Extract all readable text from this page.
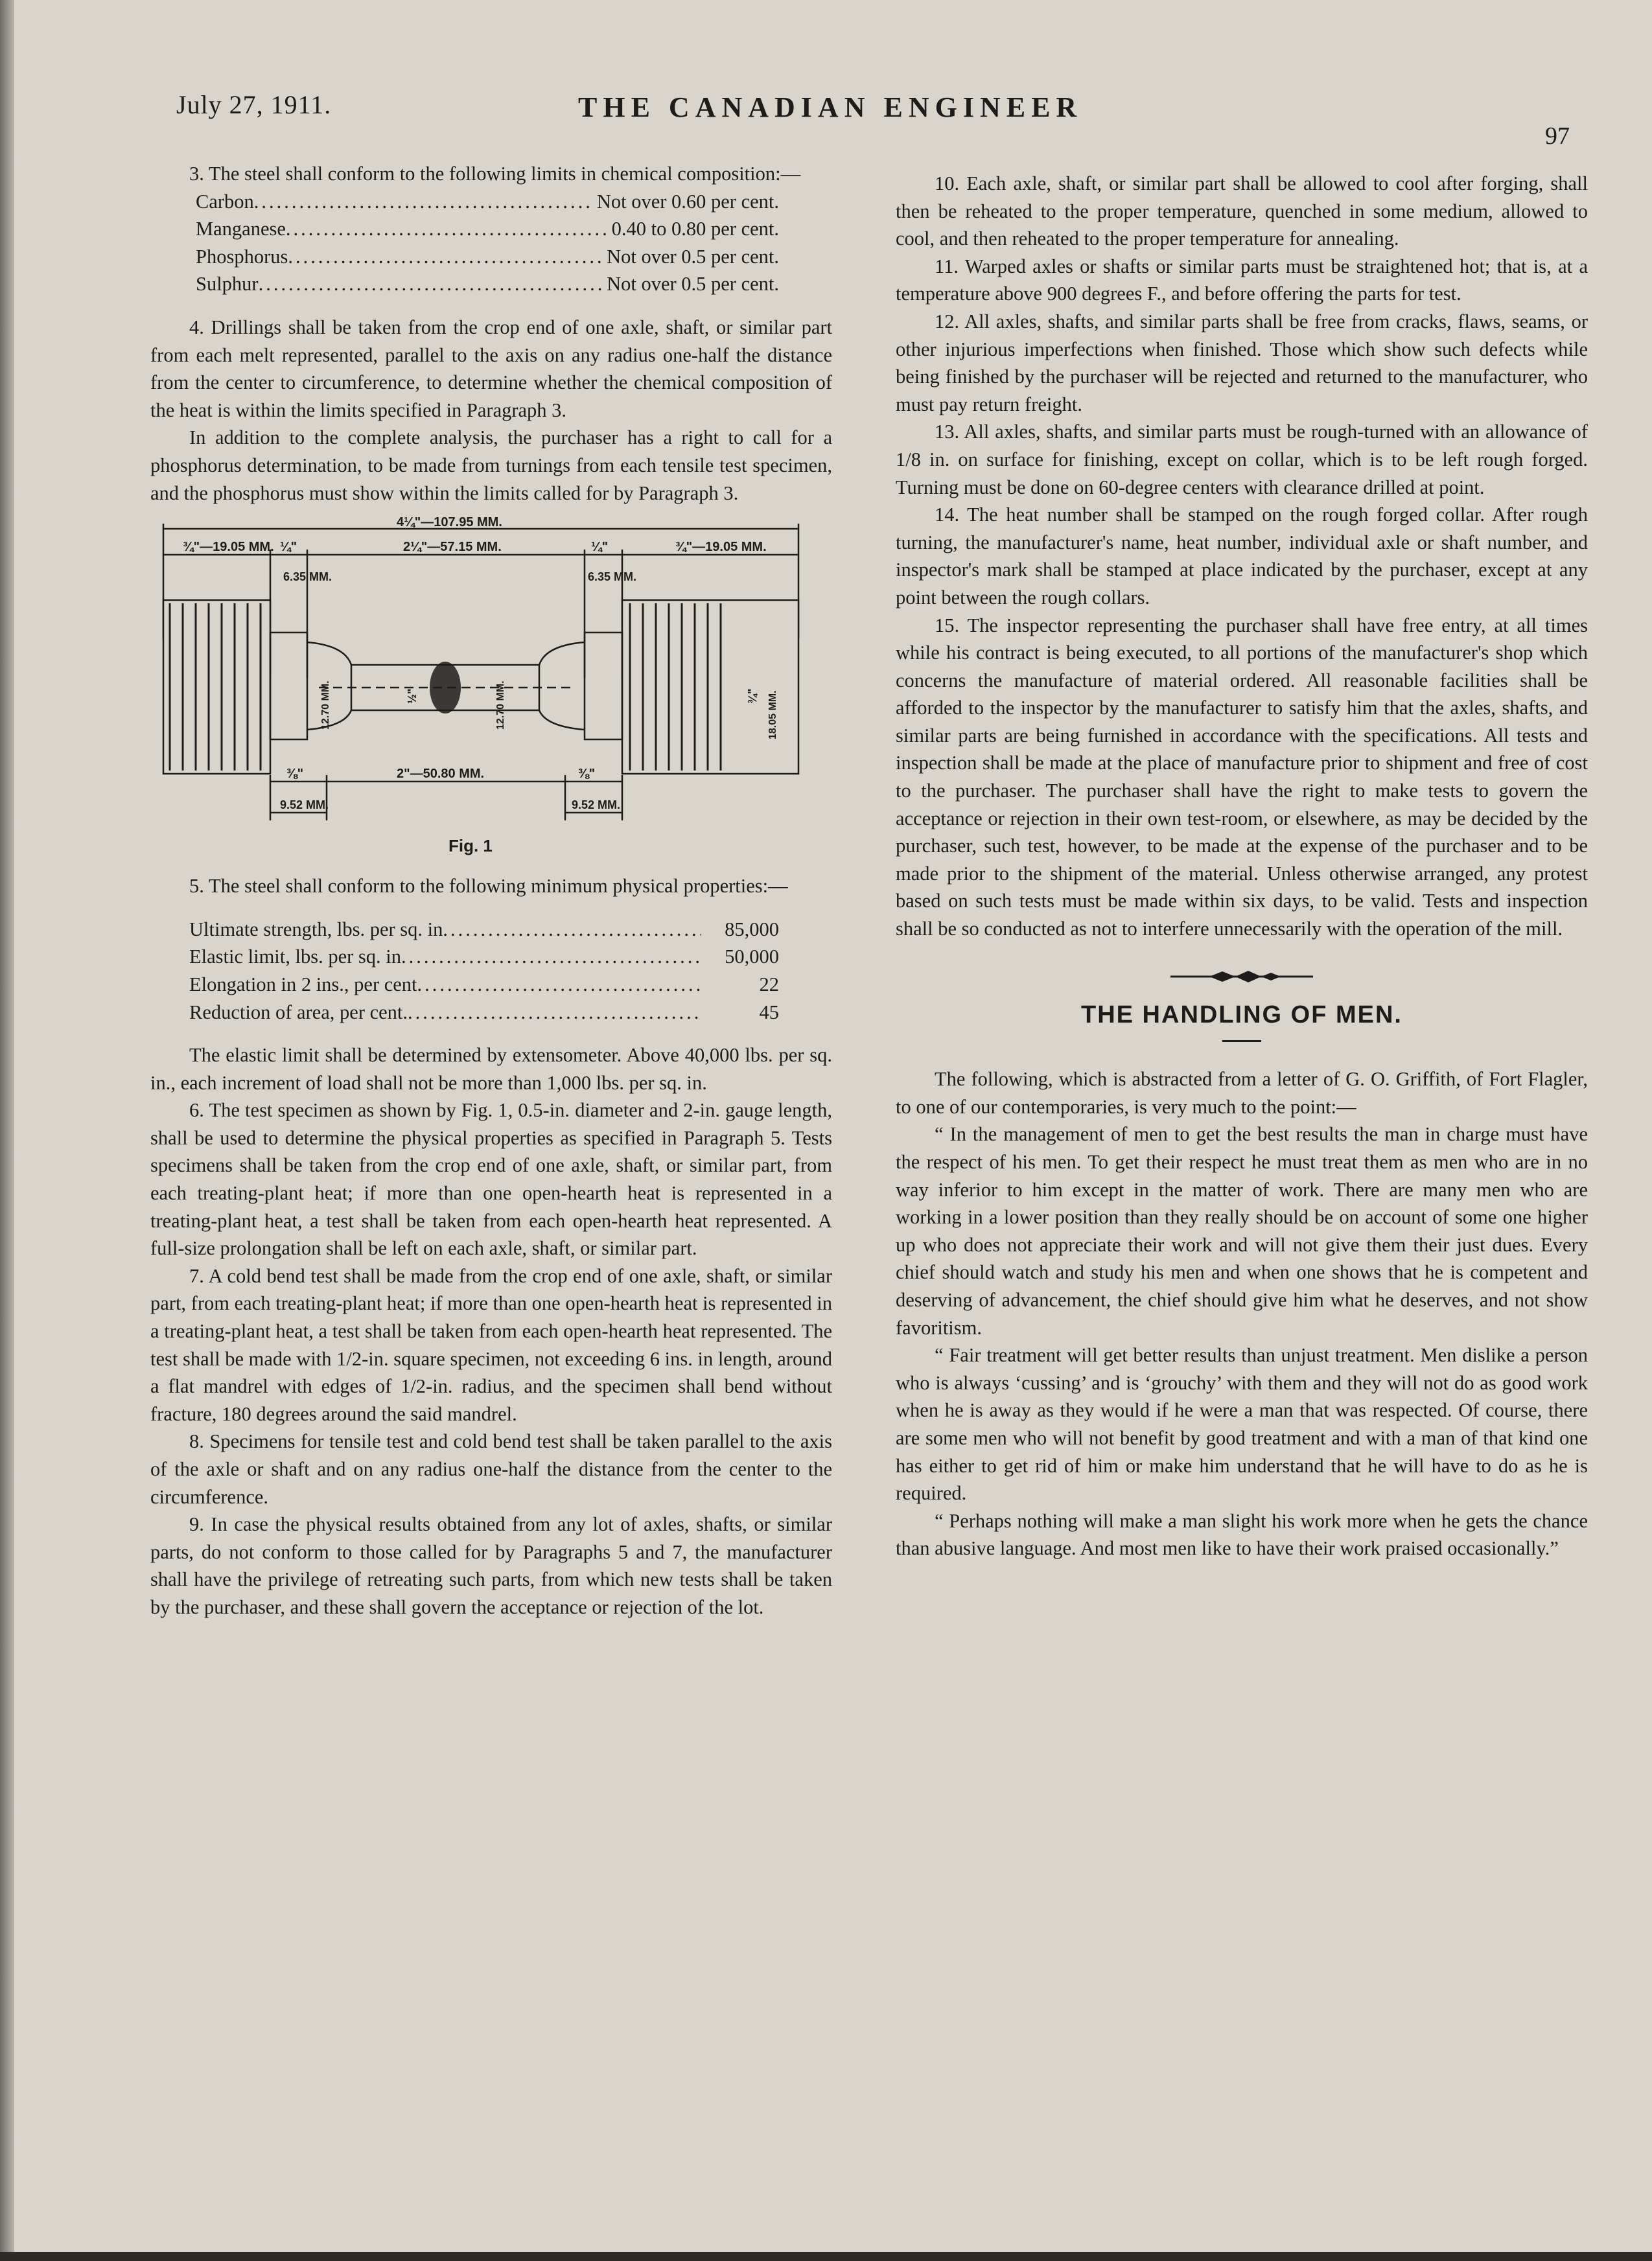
July 27, 1911.	THE CANADIAN ENGINEER
97

3. The steel shall conform to the following limits in chemical composition:—

Carbon .....	Not over 0.60 per cent.
Manganese .....	0.40 to 0.80 per cent.
Phosphorus .....	Not over 0.5 per cent.
Sulphur .....	Not over 0.5 per cent.

4. Drillings shall be taken from the crop end of one axle, shaft, or similar part from each melt represented, parallel to the axis on any radius one-half the distance from the center to circumference, to determine whether the chemical composition of the heat is within the limits specified in Paragraph 3.

In addition to the complete analysis, the purchaser has a right to call for a phosphorus determination, to be made from turnings from each tensile test specimen, and the phosphorus must show within the limits called for by Paragraph 3.

4¼"—107.95 MM.
¾"—19.05 MM. ¼"	2¼"—57.15 MM.	¼"	¾"—19.05 MM.
6.35 MM.	6.35 MM.
12.70 MM.	12.70 MM.
½"	18.05 MM.
¾"
⅜"	2"—50.80 MM.	⅜"
9.52 MM.	9.52 MM.
Fig. 1

5. The steel shall conform to the following minimum physical properties:—

Ultimate strength, lbs. per sq. in .....	85,000
Elastic limit, lbs. per sq. in .....	50,000
Elongation in 2 ins., per cent .....	22
Reduction of area, per cent. .....	45

The elastic limit shall be determined by extensometer. Above 40,000 lbs. per sq. in., each increment of load shall not be more than 1,000 lbs. per sq. in.

6. The test specimen as shown by Fig. 1, 0.5-in. diameter and 2-in. gauge length, shall be used to determine the physical properties as specified in Paragraph 5. Tests specimens shall be taken from the crop end of one axle, shaft, or similar part, from each treating-plant heat; if more than one open-hearth heat is represented in a treating-plant heat, a test shall be taken from each open-hearth heat represented. A full-size prolongation shall be left on each axle, shaft, or similar part.

7. A cold bend test shall be made from the crop end of one axle, shaft, or similar part, from each treating-plant heat; if more than one open-hearth heat is represented in a treating-plant heat, a test shall be taken from each open-hearth heat represented. The test shall be made with 1/2-in. square specimen, not exceeding 6 ins. in length, around a flat mandrel with edges of 1/2-in. radius, and the specimen shall bend without fracture, 180 degrees around the said mandrel.

8. Specimens for tensile test and cold bend test shall be taken parallel to the axis of the axle or shaft and on any radius one-half the distance from the center to the circumference.

9. In case the physical results obtained from any lot of axles, shafts, or similar parts, do not conform to those called for by Paragraphs 5 and 7, the manufacturer shall have the privilege of retreating such parts, from which new tests shall be taken by the purchaser, and these shall govern the acceptance or rejection of the lot.

10. Each axle, shaft, or similar part shall be allowed to cool after forging, shall then be reheated to the proper temperature, quenched in some medium, allowed to cool, and then reheated to the proper temperature for annealing.

11. Warped axles or shafts or similar parts must be straightened hot; that is, at a temperature above 900 degrees F., and before offering the parts for test.

12. All axles, shafts, and similar parts shall be free from cracks, flaws, seams, or other injurious imperfections when finished. Those which show such defects while being finished by the purchaser will be rejected and returned to the manufacturer, who must pay return freight.

13. All axles, shafts, and similar parts must be rough-turned with an allowance of 1/8 in. on surface for finishing, except on collar, which is to be left rough forged. Turning must be done on 60-degree centers with clearance drilled at point.

14. The heat number shall be stamped on the rough forged collar. After rough turning, the manufacturer's name, heat number, individual axle or shaft number, and inspector's mark shall be stamped at place indicated by the purchaser, except at any point between the rough collars.

15. The inspector representing the purchaser shall have free entry, at all times while his contract is being executed, to all portions of the manufacturer's shop which concerns the manufacture of material ordered. All reasonable facilities shall be afforded to the inspector by the manufacturer to satisfy him that the axles, shafts, and similar parts are being furnished in accordance with the specifications. All tests and inspection shall be made at the place of manufacture prior to shipment and free of cost to the purchaser. The purchaser shall have the right to make tests to govern the acceptance or rejection in their own test-room, or elsewhere, as may be decided by the purchaser, such test, however, to be made at the expense of the purchaser and to be made prior to the shipment of the material. Unless otherwise arranged, any protest based on such tests must be made within six days, to be valid. Tests and inspection shall be so conducted as not to interfere unnecessarily with the operation of the mill.

THE HANDLING OF MEN.

The following, which is abstracted from a letter of G. O. Griffith, of Fort Flagler, to one of our contemporaries, is very much to the point:—

“ In the management of men to get the best results the man in charge must have the respect of his men. To get their respect he must treat them as men who are in no way inferior to him except in the matter of work. There are many men who are working in a lower position than they really should be on account of some one higher up who does not appreciate their work and will not give them their just dues. Every chief should watch and study his men and when one shows that he is competent and deserving of advancement, the chief should give him what he deserves, and not show favoritism.

“ Fair treatment will get better results than unjust treatment. Men dislike a person who is always ‘cussing’ and is ‘grouchy’ with them and they will not do as good work when he is away as they would if he were a man that was respected. Of course, there are some men who will not benefit by good treatment and with a man of that kind one has either to get rid of him or make him understand that he will have to do as he is required.

“ Perhaps nothing will make a man slight his work more when he gets the chance than abusive language. And most men like to have their work praised occasionally.”
